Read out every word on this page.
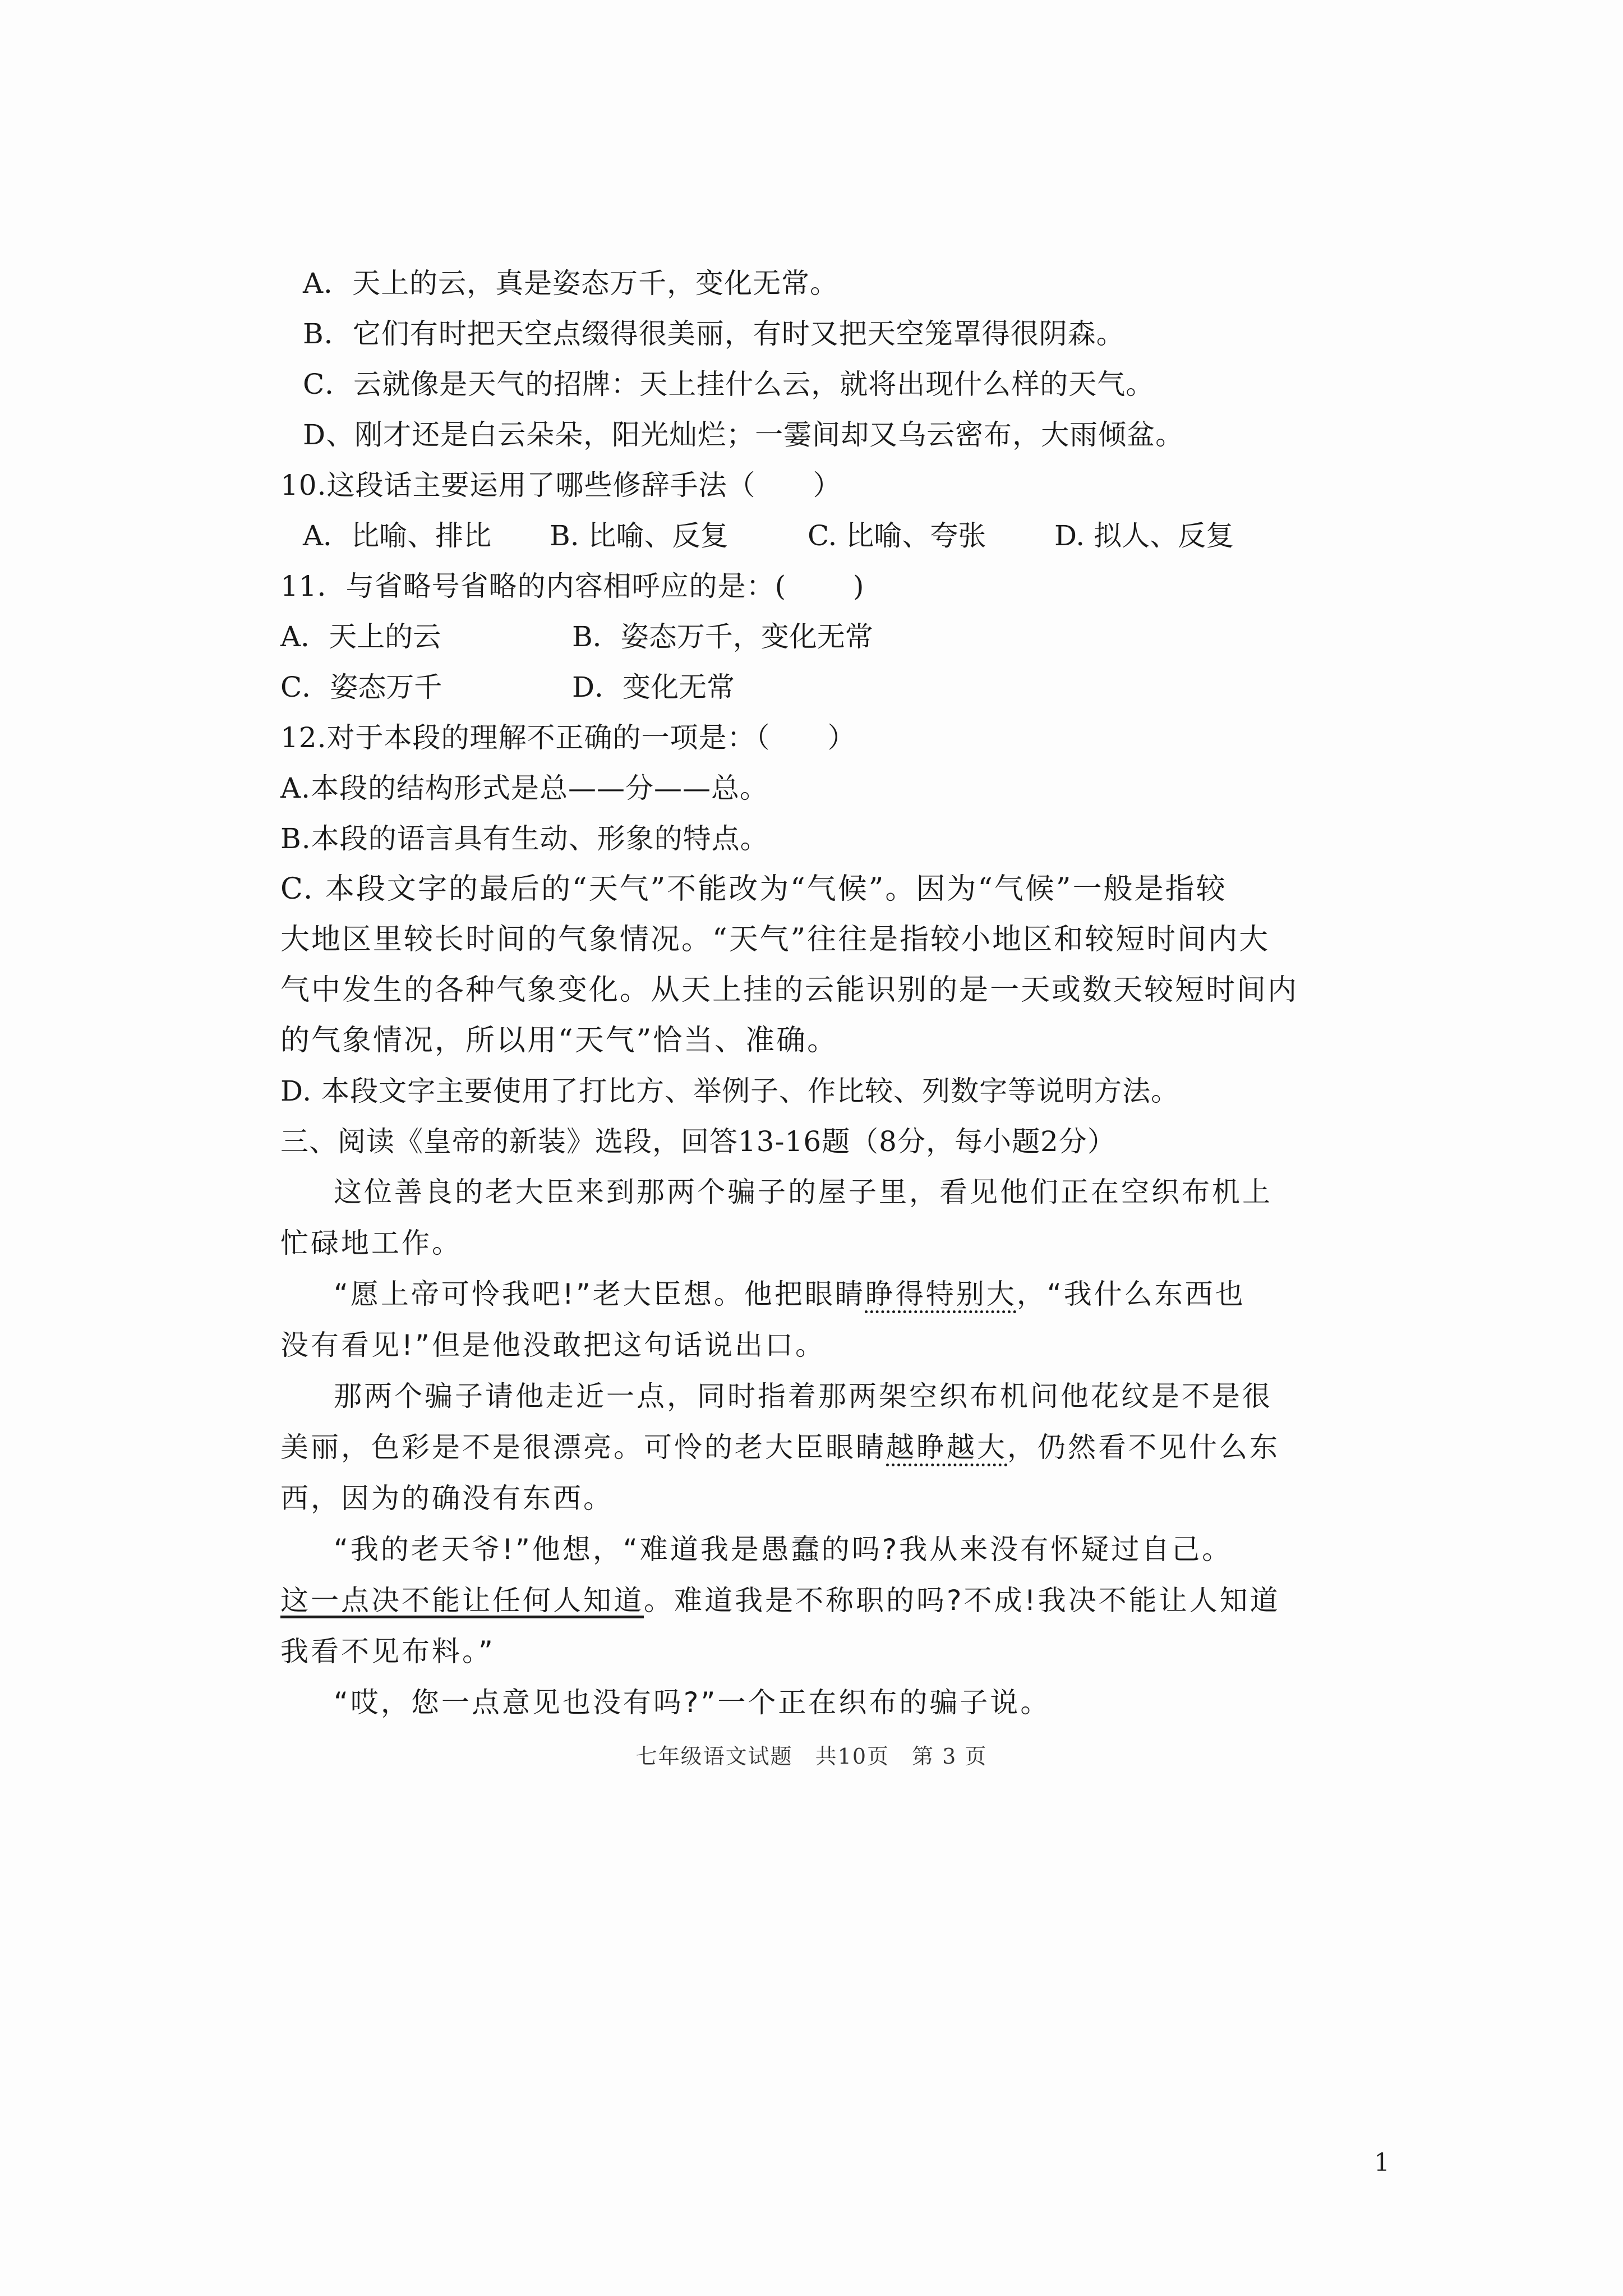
A．天上的云，真是姿态万千，变化无常。
B．它们有时把天空点缀得很美丽，有时又把天空笼罩得很阴森。
C．云就像是天气的招牌：天上挂什么云，就将出现什么样的天气。
D、刚才还是白云朵朵，阳光灿烂；一霎间却又乌云密布，大雨倾盆。
10.这段话主要运用了哪些修辞手法（　　）
A．比喻、排比	B. 比喻、反复	C. 比喻、夸张	D. 拟人、反复
11．与省略号省略的内容相呼应的是：(　　 )
A．天上的云	B．姿态万千，变化无常
C．姿态万千	D．变化无常
12.对于本段的理解不正确的一项是：（　　）
A.本段的结构形式是总——分——总。
B.本段的语言具有生动、形象的特点。
C. 本段文字的最后的“天气”不能改为“气候”。因为“气候”一般是指较
大地区里较长时间的气象情况。“天气”往往是指较小地区和较短时间内大
气中发生的各种气象变化。从天上挂的云能识别的是一天或数天较短时间内
的气象情况，所以用“天气”恰当、准确。
D. 本段文字主要使用了打比方、举例子、作比较、列数字等说明方法。
三、阅读《皇帝的新装》选段，回答13-16题（8分，每小题2分）
这位善良的老大臣来到那两个骗子的屋子里，看见他们正在空织布机上
忙碌地工作。
“愿上帝可怜我吧!”老大臣想。他把眼睛睁得特别大，“我什么东西也
没有看见!”但是他没敢把这句话说出口。
那两个骗子请他走近一点，同时指着那两架空织布机问他花纹是不是很
美丽，色彩是不是很漂亮。可怜的老大臣眼睛越睁越大，仍然看不见什么东
西，因为的确没有东西。
“我的老天爷!”他想，“难道我是愚蠢的吗?我从来没有怀疑过自己。
这一点决不能让任何人知道。难道我是不称职的吗?不成!我决不能让人知道
我看不见布料。”
“哎，您一点意见也没有吗?”一个正在织布的骗子说。
七年级语文试题　共10页　第 3 页
1
